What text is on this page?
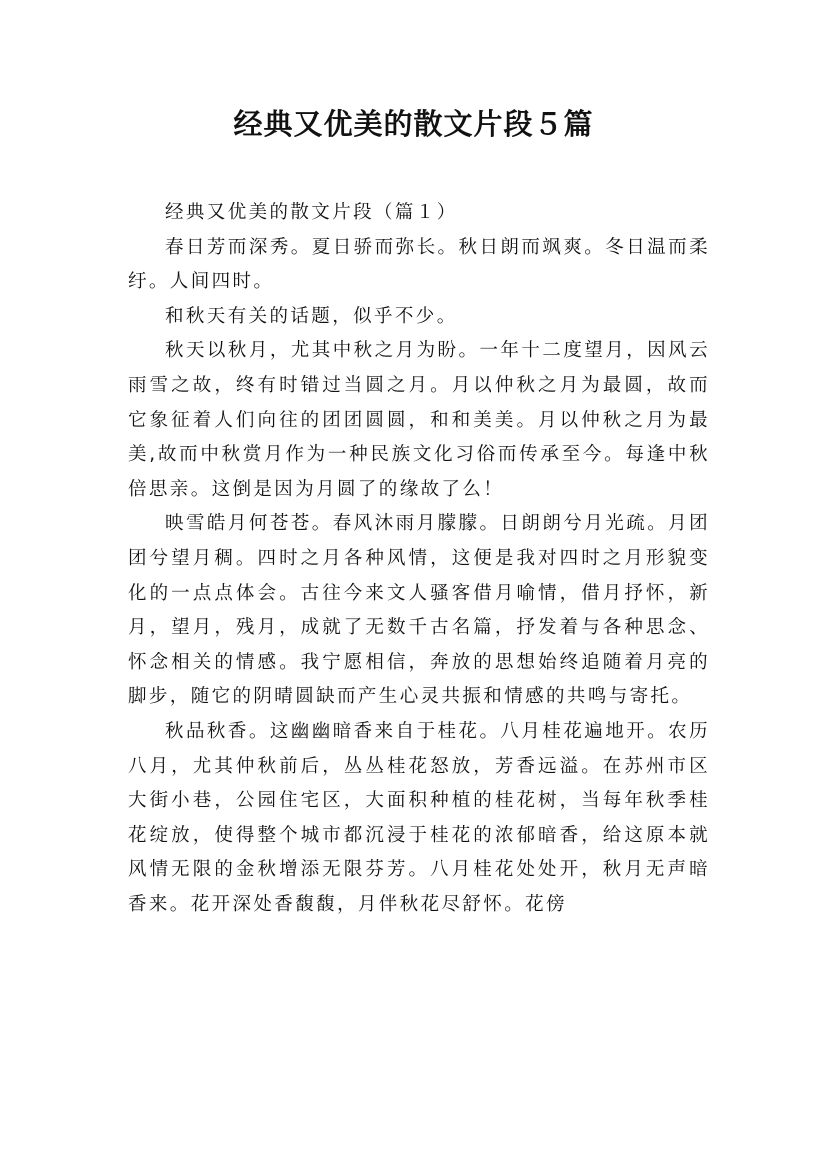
经典又优美的散文片段５篇

经典又优美的散文片段（篇１）

春日芳而深秀。夏日骄而弥长。秋日朗而飒爽。冬日温而柔纡。人间四时。

和秋天有关的话题，似乎不少。

秋天以秋月，尤其中秋之月为盼。一年十二度望月，因风云雨雪之故，终有时错过当圆之月。月以仲秋之月为最圆，故而它象征着人们向往的团团圆圆，和和美美。月以仲秋之月为最美,故而中秋赏月作为一种民族文化习俗而传承至今。每逢中秋倍思亲。这倒是因为月圆了的缘故了么！

映雪皓月何苍苍。春风沐雨月朦朦。日朗朗兮月光疏。月团团兮望月稠。四时之月各种风情，这便是我对四时之月形貌变化的一点点体会。古往今来文人骚客借月喻情，借月抒怀，新月，望月，残月，成就了无数千古名篇，抒发着与各种思念、怀念相关的情感。我宁愿相信，奔放的思想始终追随着月亮的脚步，随它的阴晴圆缺而产生心灵共振和情感的共鸣与寄托。

秋品秋香。这幽幽暗香来自于桂花。八月桂花遍地开。农历八月，尤其仲秋前后，丛丛桂花怒放，芳香远溢。在苏州市区大街小巷，公园住宅区，大面积种植的桂花树，当每年秋季桂花绽放，使得整个城市都沉浸于桂花的浓郁暗香，给这原本就风情无限的金秋增添无限芬芳。八月桂花处处开，秋月无声暗香来。花开深处香馥馥，月伴秋花尽舒怀。花傍
